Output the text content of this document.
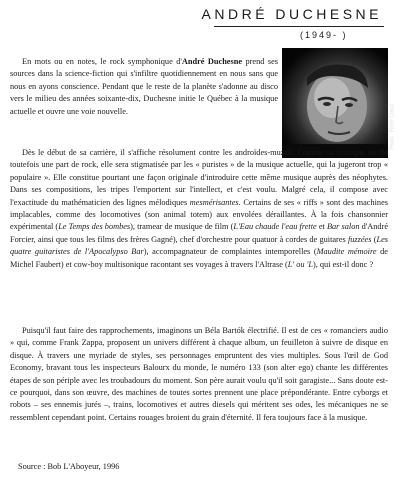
ANDRÉ DUCHESNE
(1949- )
Photo : Pierre Crépô

En mots ou en notes, le rock symphonique d'André Duchesne prend ses sources dans la science-fiction qui s'infiltre quotidiennement en nous sans que nous en ayons conscience. Pendant que le reste de la planète s'adonne au disco vers le milieu des années soixante-dix, Duchesne initie le Québec à la musique actuelle et ouvre une voie nouvelle.

Dès le début de sa carrière, il s'affiche résolument contre les androïdes-muzak. Comme sa musique recèle toutefois une part de rock, elle sera stigmatisée par les « puristes » de la musique actuelle, qui la jugeront trop « populaire ». Elle constitue pourtant une façon originale d'introduire cette même musique auprès des néophytes. Dans ses compositions, les tripes l'emportent sur l'intellect, et c'est voulu. Malgré cela, il compose avec l'exactitude du mathématicien des lignes mélodiques mesmérisantes. Certains de ses « riffs » sont des machines implacables, comme des locomotives (son animal totem) aux envolées déraillantes. À la fois chansonnier expérimental (Le Temps des bombes), tramear de musique de film (L'Eau chaude l'eau frette et Bar salon d'André Forcier, ainsi que tous les films des frères Gagné), chef d'orchestre pour quatuor à cordes de guitares fuzzées (Les quatre guitaristes de l'Apocalypso Bar), accompagnateur de complaintes intemporelles (Maudite mémoire de Michel Faubert) et cow-boy multisonique racontant ses voyages à travers l'Altrase (L' ou 'L), qui est-il donc ?

Puisqu'il faut faire des rapprochements, imaginons un Béla Bartók électrifié. Il est de ces « romanciers audio » qui, comme Frank Zappa, proposent un univers différent à chaque album, un feuilleton à suivre de disque en disque. À travers une myriade de styles, ses personnages empruntent des vies multiples. Sous l'œil de God Economy, bravant tous les inspecteurs Balourx du monde, le numéro 133 (son alter ego) chante les différentes étapes de son périple avec les troubadours du moment. Son père aurait voulu qu'il soit garagiste... Sans doute est-ce pourquoi, dans son œuvre, des machines de toutes sortes prennent une place prépondérante. Entre cyborgs et robots – ses ennemis jurés –, trains, locomotives et autres diesels qui méritent ses odes, les mécaniques ne se ressemblent cependant point. Certains rouages broient du grain d'éternité. Il fera toujours face à la musique.

Source : Bob L'Aboyeur, 1996
